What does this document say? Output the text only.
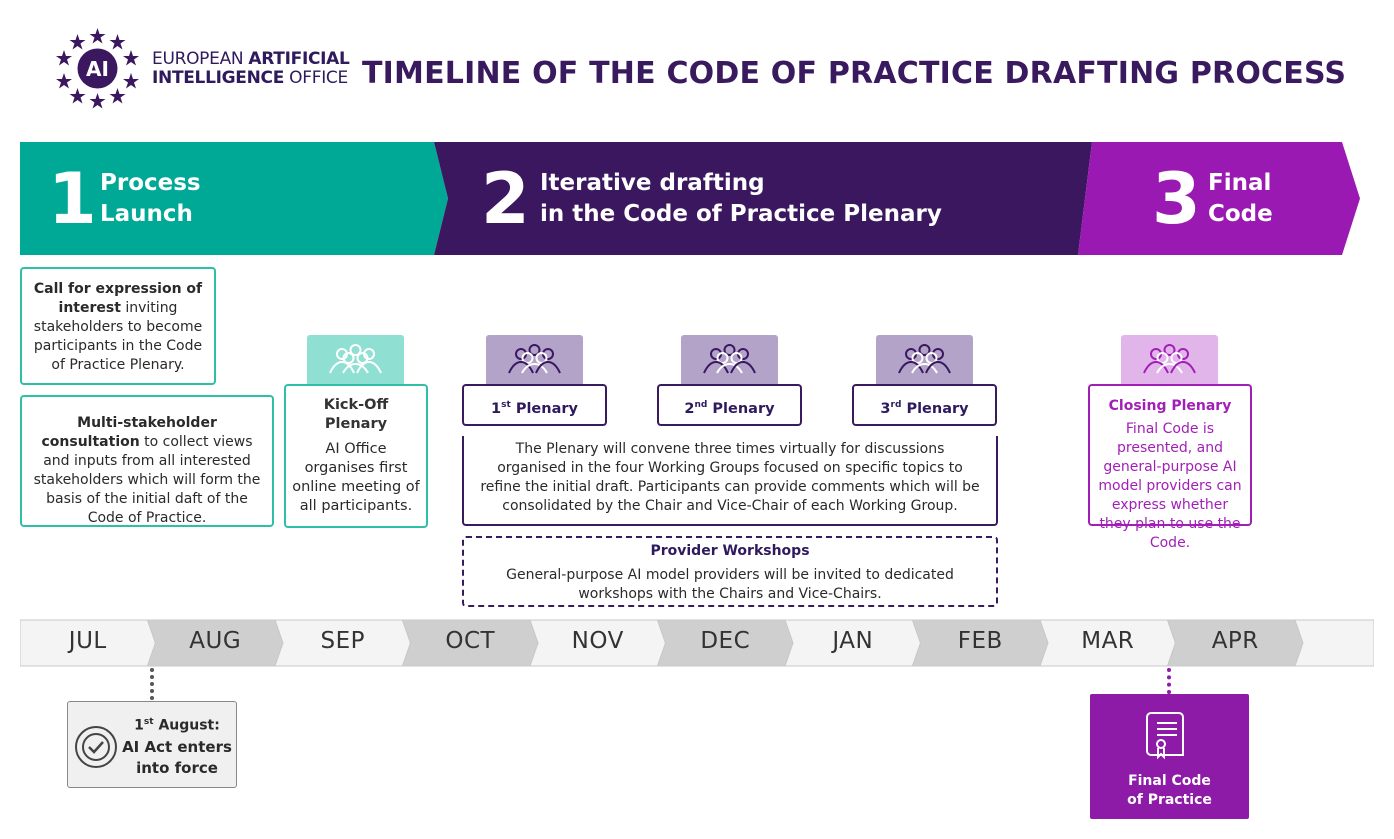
AI	EUROPEAN ARTIFICIAL
INTELLIGENCE OFFICE TIMELINE OF THE CODE OF PRACTICE DRAFTING PROCESS
1 Process
Launch	2 Iterative drafting
in the Code of Practice Plenary	3 Final
Code
Call for expression of interest inviting stakeholders to become participants in the Code of Practice Plenary.
Multi-stakeholder consultation to collect views and inputs from all interested stakeholders which will form the basis of the initial daft of the Code of Practice.
Kick-Off
Plenary
AI Office organises first online meeting of all participants.
1st Plenary	2nd Plenary	3rd Plenary
The Plenary will convene three times virtually for discussions organised in the four Working Groups focused on specific topics to refine the initial draft. Participants can provide comments which will be consolidated by the Chair and Vice-Chair of each Working Group.
Provider Workshops
General-purpose AI model providers will be invited to dedicated workshops with the Chairs and Vice-Chairs.
Closing Plenary
Final Code is presented, and general-purpose AI model providers can express whether they plan to use the Code.
JUL	AUG	SEP	OCT	NOV	DEC	JAN	FEB	MAR	APR
1st August:
AI Act enters
into force
Final Code
of Practice
